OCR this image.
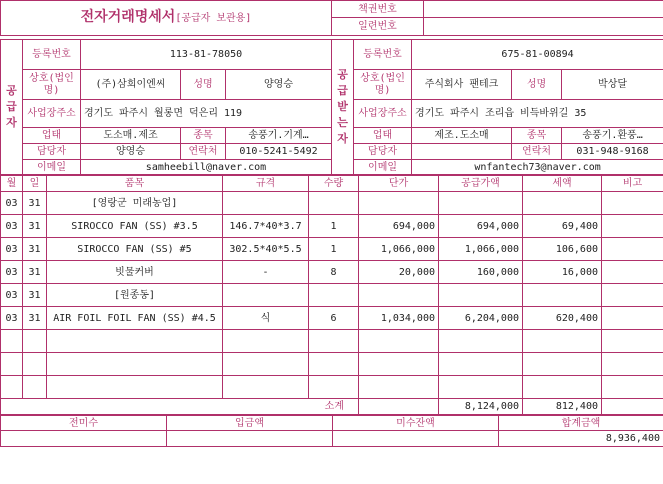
전자거래명세서[공급자 보관용]	책권번호	
	일련번호	
공급자	등록번호	113-81-78050			공급받는자	등록번호	675-81-00894		
	상호(법인명)	(주)삼희이엔씨	성명	양영승		상호(법인명)	주식회사 팬테크	성명	박상달
	사업장주소	경기도 파주시 월롱면 덕은리 119				사업장주소	경기도 파주시 조리읍 비득바위길 35		
	업태	도소매.제조	종목	송풍기.기계…		업태	제조.도소매	종목	송풍기.환풍…
	담당자	양영승	연락처	010-5241-5492		담당자		연락처	031-948-9168
	이메일	samheebill@naver.com				이메일	wnfantech73@naver.com		
월	일	품목	규격	수량	단가	공급가액	세액	비고
03	31	[영랑군 미래농업]						
03	31	SIROCCO FAN (SS) #3.5	146.7*40*3.7	1	694,000	694,000	69,400	
03	31	SIROCCO FAN (SS) #5	302.5*40*5.5	1	1,066,000	1,066,000	106,600	
03	31	빗물커버	-	8	20,000	160,000	16,000	
03	31	[원종동]						
03	31	AIR FOIL FOIL FAN (SS) #4.5	식	6	1,034,000	6,204,000	620,400	

소계						8,124,000	812,400	
전미수	입금액	미수잔액	합계금액
			8,936,400
